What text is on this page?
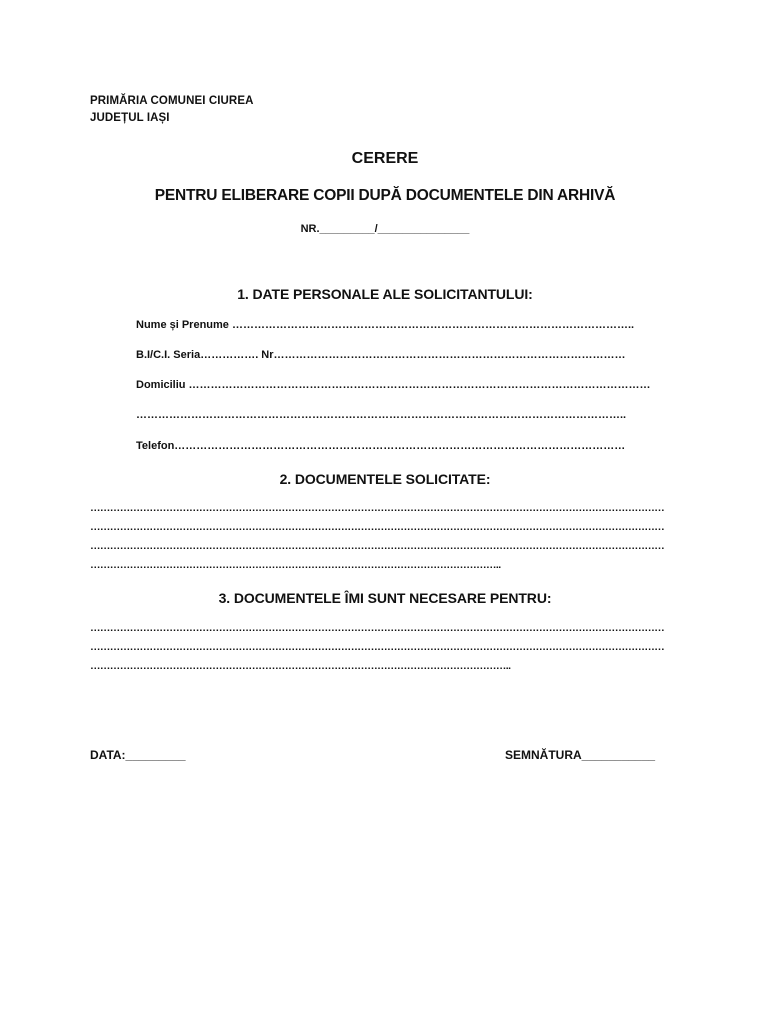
PRIMĂRIA COMUNEI CIUREA
JUDEȚUL IAȘI
CERERE
PENTRU ELIBERARE COPII DUPĂ DOCUMENTELE DIN ARHIVĂ
NR._________/_______________
1. DATE PERSONALE ALE SOLICITANTULUI:
Nume și Prenume ………………………………………………………………………………………………..
B.I/C.I. Seria……………. Nr……………………………………………………………………………………
Domiciliu ………………………………………………………………………………………………………………
……………………………………………………………………………………………………………………..
Telefon……………………………………………………………………………………………………………
2. DOCUMENTELE SOLICITATE:
…………………………………………………………………………………………………………………………………………………………
…………………………………………………………………………………………………………………………………………………………
…………………………………………………………………………………………………………………………………………………………
……………………………………………………………………………………………………………..
3. DOCUMENTELE ÎMI SUNT NECESARE PENTRU:
…………………………………………………………………………………………………………………………………………………………
…………………………………………………………………………………………………………………………………………………………
………………………………………………………………………………………………………………..
DATA:_________	SEMNĂTURA___________
